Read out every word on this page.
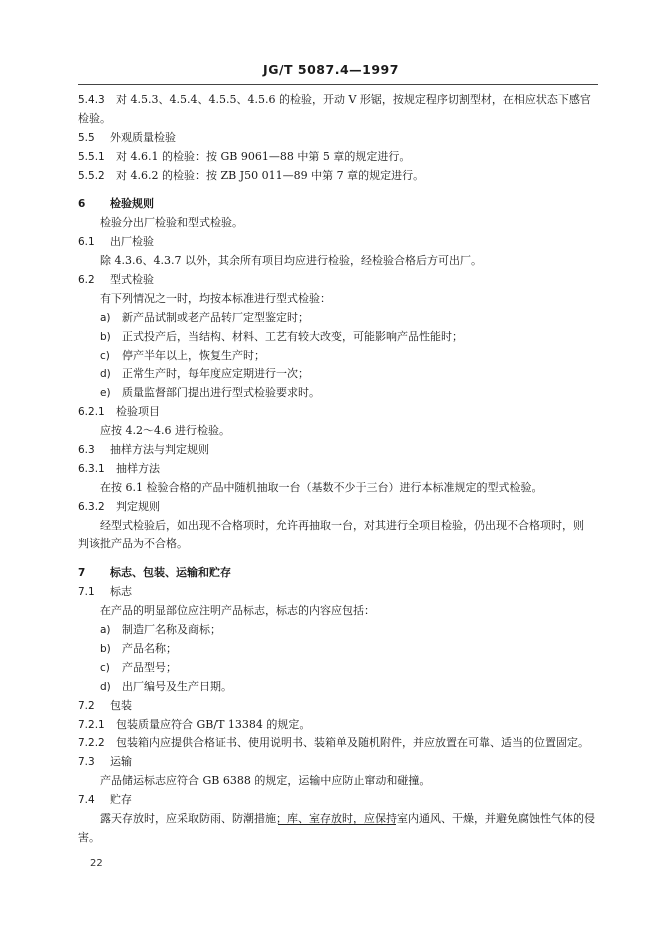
JG/T 5087.4—1997
5.4.3 对 4.5.3、4.5.4、4.5.5、4.5.6 的检验，开动 V 形锯，按规定程序切割型材，在相应状态下感官
检验。
5.5 外观质量检验
5.5.1 对 4.6.1 的检验：按 GB 9061—88 中第 5 章的规定进行。
5.5.2 对 4.6.2 的检验：按 ZB J50 011—89 中第 7 章的规定进行。
6 检验规则
检验分出厂检验和型式检验。
6.1 出厂检验
除 4.3.6、4.3.7 以外，其余所有项目均应进行检验，经检验合格后方可出厂。
6.2 型式检验
有下列情况之一时，均按本标准进行型式检验：
a) 新产品试制或老产品转厂定型鉴定时；
b) 正式投产后，当结构、材料、工艺有较大改变，可能影响产品性能时；
c) 停产半年以上，恢复生产时；
d) 正常生产时，每年度应定期进行一次；
e) 质量监督部门提出进行型式检验要求时。
6.2.1 检验项目
应按 4.2～4.6 进行检验。
6.3 抽样方法与判定规则
6.3.1 抽样方法
在按 6.1 检验合格的产品中随机抽取一台（基数不少于三台）进行本标准规定的型式检验。
6.3.2 判定规则
经型式检验后，如出现不合格项时，允许再抽取一台，对其进行全项目检验，仍出现不合格项时，则
判该批产品为不合格。
7 标志、包装、运输和贮存
7.1 标志
在产品的明显部位应注明产品标志，标志的内容应包括：
a) 制造厂名称及商标；
b) 产品名称；
c) 产品型号；
d) 出厂编号及生产日期。
7.2 包装
7.2.1 包装质量应符合 GB/T 13384 的规定。
7.2.2 包装箱内应提供合格证书、使用说明书、装箱单及随机附件，并应放置在可靠、适当的位置固定。
7.3 运输
产品储运标志应符合 GB 6388 的规定，运输中应防止窜动和碰撞。
7.4 贮存
露天存放时，应采取防雨、防潮措施；库、室存放时，应保持室内通风、干燥，并避免腐蚀性气体的侵
害。
22
